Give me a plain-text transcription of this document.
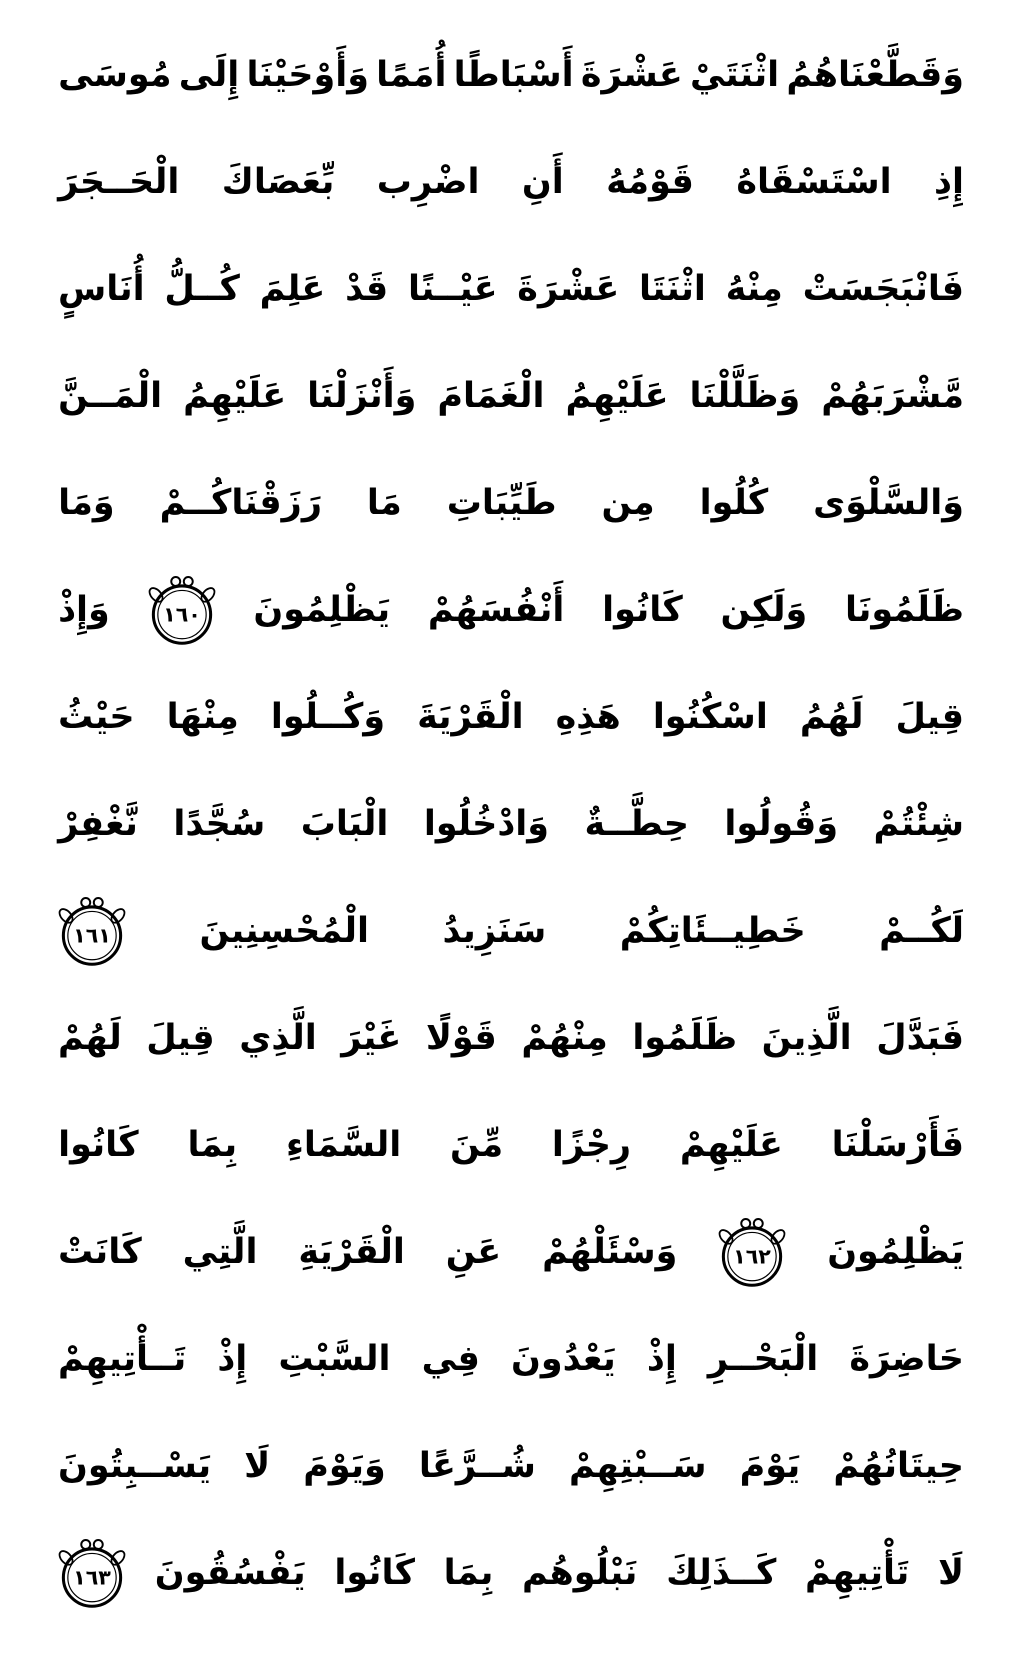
وَقَطَّعْنَاهُمُ
اثْنَتَيْ
عَشْرَةَ
أَسْبَاطًا
أُمَمًا
وَأَوْحَيْنَا
إِلَى
مُوسَى
إِذِ
اسْتَسْقَاهُ
قَوْمُهُ
أَنِ
اضْرِب
بِّعَصَاكَ
الْحَــجَرَ
فَانْبَجَسَتْ
مِنْهُ
اثْنَتَا
عَشْرَةَ
عَيْــنًا
قَدْ
عَلِمَ
كُــلُّ
أُنَاسٍ
مَّشْرَبَهُمْ
وَظَلَّلْنَا
عَلَيْهِمُ
الْغَمَامَ
وَأَنْزَلْنَا
عَلَيْهِمُ
الْمَــنَّ
وَالسَّلْوَى
كُلُوا
مِن
طَيِّبَاتِ
مَا
رَزَقْنَاكُــمْ
وَمَا
ظَلَمُونَا
وَلَكِن
كَانُوا
أَنْفُسَهُمْ
يَظْلِمُونَ
١٦٠
وَإِذْ
قِيلَ
لَهُمُ
اسْكُنُوا
هَذِهِ
الْقَرْيَةَ
وَكُــلُوا
مِنْهَا
حَيْثُ
شِئْتُمْ
وَقُولُوا
حِطَّــةٌ
وَادْخُلُوا
الْبَابَ
سُجَّدًا
نَّغْفِرْ
لَكُــمْ
خَطِيــئَاتِكُمْ
سَنَزِيدُ
الْمُحْسِنِينَ
١٦١
فَبَدَّلَ
الَّذِينَ
ظَلَمُوا
مِنْهُمْ
قَوْلًا
غَيْرَ
الَّذِي
قِيلَ
لَهُمْ
فَأَرْسَلْنَا
عَلَيْهِمْ
رِجْزًا
مِّنَ
السَّمَاءِ
بِمَا
كَانُوا
يَظْلِمُونَ
١٦٢
وَسْئَلْهُمْ
عَنِ
الْقَرْيَةِ
الَّتِي
كَانَتْ
حَاضِرَةَ
الْبَحْــرِ
إِذْ
يَعْدُونَ
فِي
السَّبْتِ
إِذْ
تَــأْتِيهِمْ
حِيتَانُهُمْ
يَوْمَ
سَــبْتِهِمْ
شُــرَّعًا
وَيَوْمَ
لَا
يَسْــبِتُونَ
لَا
تَأْتِيهِمْ
كَــذَلِكَ
نَبْلُوهُم
بِمَا
كَانُوا
يَفْسُقُونَ
١٦٣
